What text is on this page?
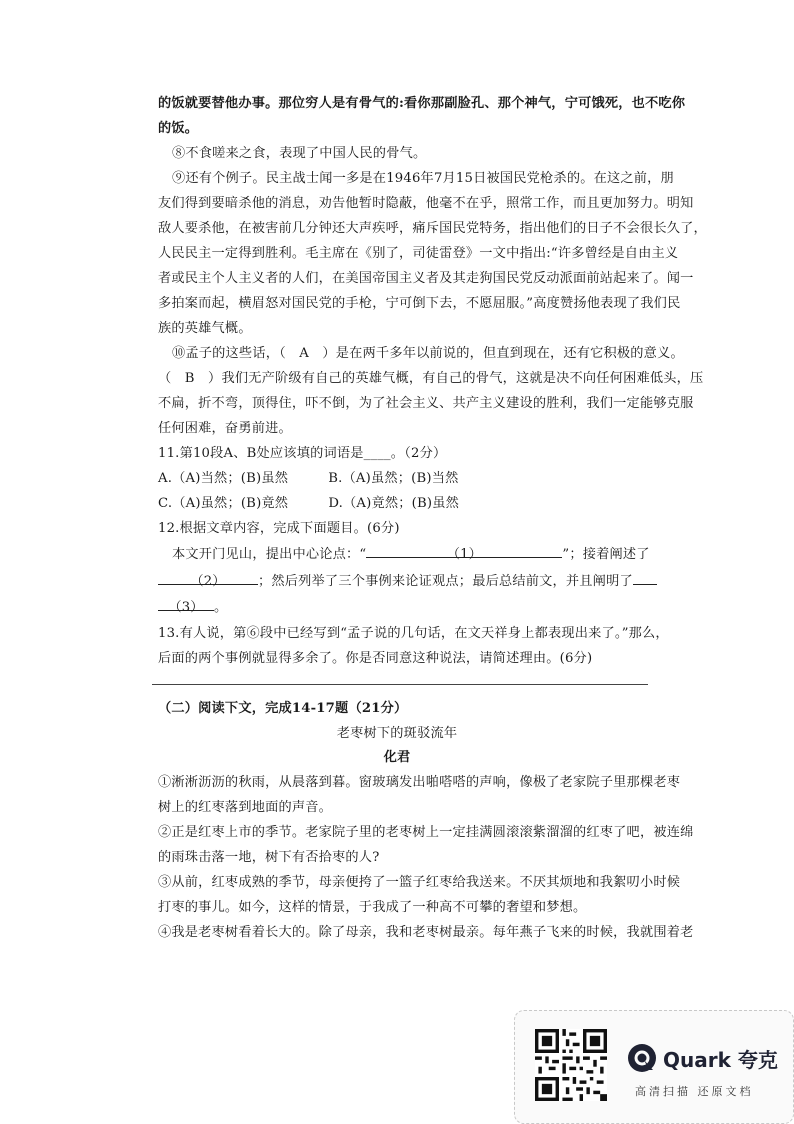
的饭就要替他办事。那位穷人是有骨气的:看你那副脸孔、那个神气，宁可饿死，也不吃你
的饭。
⑧不食嗟来之食，表现了中国人民的骨气。
⑨还有个例子。民主战士闻一多是在1946年7月15日被国民党枪杀的。在这之前，朋
友们得到要暗杀他的消息，劝告他暂时隐蔽，他毫不在乎，照常工作，而且更加努力。明知
敌人要杀他，在被害前几分钟还大声疾呼，痛斥国民党特务，指出他们的日子不会很长久了，
人民民主一定得到胜利。毛主席在《别了，司徒雷登》一文中指出:“许多曾经是自由主义
者或民主个人主义者的人们，在美国帝国主义者及其走狗国民党反动派面前站起来了。闻一
多拍案而起，横眉怒对国民党的手枪，宁可倒下去，不愿屈服。”高度赞扬他表现了我们民
族的英雄气概。
⑩孟子的这些话，（　A　）是在两千多年以前说的，但直到现在，还有它积极的意义。
（　B　）我们无产阶级有自己的英雄气概，有自己的骨气，这就是决不向任何困难低头，压
不扁，折不弯，顶得住，吓不倒，为了社会主义、共产主义建设的胜利，我们一定能够克服
任何困难，奋勇前进。
11.第10段A、B处应该填的词语是____。（2分）
A.（A)当然；(B)虽然　　　B.（A)虽然；(B)当然
C.（A)虽然；(B)竟然　　　D.（A)竟然；(B)虽然
12.根据文章内容，完成下面题目。(6分)
本文开门见山，提出中心论点：“	（1）	”；接着阐述了
（2） ；然后列举了三个事例来论证观点；最后总结前文，并且阐明了
（3） 。
13.有人说，第⑥段中已经写到“孟子说的几句话，在文天祥身上都表现出来了。”那么，
后面的两个事例就显得多余了。你是否同意这种说法，请简述理由。(6分)
（二）阅读下文，完成14-17题（21分）
老枣树下的斑驳流年
化君
①淅淅沥沥的秋雨，从晨落到暮。窗玻璃发出啪嗒嗒的声响，像极了老家院子里那棵老枣
树上的红枣落到地面的声音。
②正是红枣上市的季节。老家院子里的老枣树上一定挂满圆滚滚紫溜溜的红枣了吧，被连绵
的雨珠击落一地，树下有否拾枣的人?
③从前，红枣成熟的季节，母亲便挎了一篮子红枣给我送来。不厌其烦地和我絮叨小时候
打枣的事儿。如今，这样的情景，于我成了一种高不可攀的奢望和梦想。
④我是老枣树看着长大的。除了母亲，我和老枣树最亲。每年燕子飞来的时候，我就围着老
Quark 夸克
高清扫描 还原文档
